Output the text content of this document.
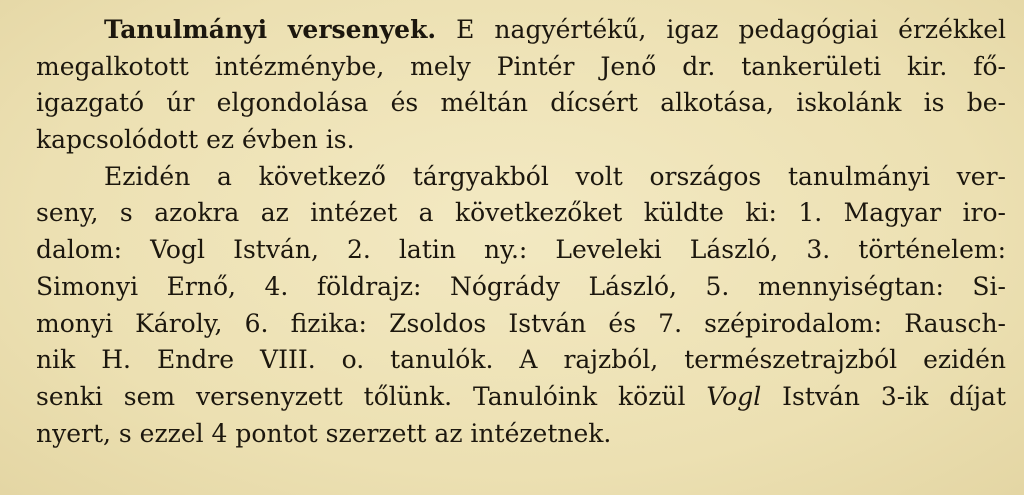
Tanulmányi versenyek. E nagyértékű, igaz pedagógiai érzékkel
megalkotott intézménybe, mely Pintér Jenő dr. tankerületi kir. fő-
igazgató úr elgondolása és méltán dícsért alkotása, iskolánk is be-
kapcsolódott ez évben is.
Ezidén a következő tárgyakból volt országos tanulmányi ver-
seny, s azokra az intézet a következőket küldte ki: 1. Magyar iro-
dalom: Vogl István, 2. latin ny.: Leveleki László, 3. történelem:
Simonyi Ernő, 4. földrajz: Nógrády László, 5. mennyiségtan: Si-
monyi Károly, 6. fizika: Zsoldos István és 7. szépirodalom: Rausch-
nik H. Endre VIII. o. tanulók. A rajzból, természetrajzból ezidén
senki sem versenyzett tőlünk. Tanulóink közül Vogl István 3-ik díjat
nyert, s ezzel 4 pontot szerzett az intézetnek.
